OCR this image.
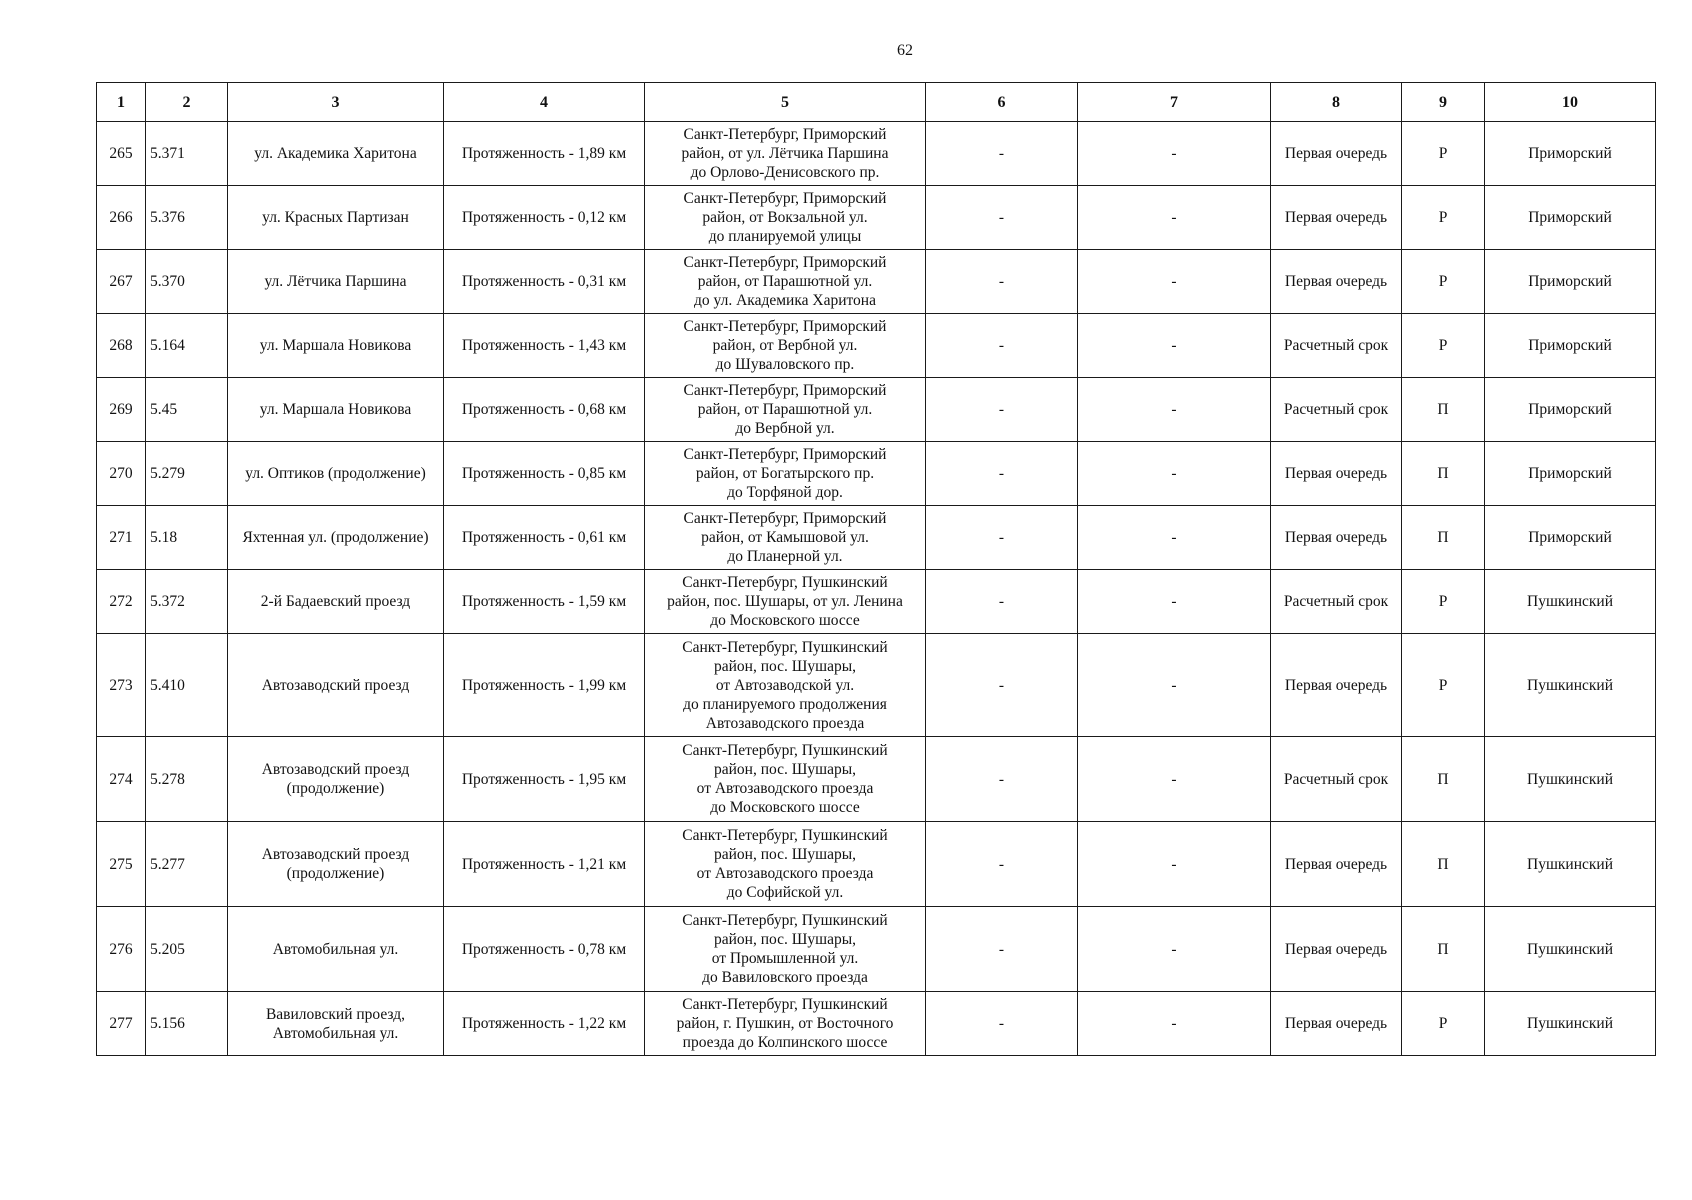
62
1	2	3	4	5	6	7	8	9	10
265	5.371	ул. Академика Харитона	Протяженность - 1,89 км	Санкт-Петербург, Приморский
район, от ул. Лётчика Паршина
до Орлово-Денисовского пр.	-	-	Первая очередь	Р	Приморский
266	5.376	ул. Красных Партизан	Протяженность - 0,12 км	Санкт-Петербург, Приморский
район, от Вокзальной ул.
до планируемой улицы	-	-	Первая очередь	Р	Приморский
267	5.370	ул. Лётчика Паршина	Протяженность - 0,31 км	Санкт-Петербург, Приморский
район, от Парашютной ул.
до ул. Академика Харитона	-	-	Первая очередь	Р	Приморский
268	5.164	ул. Маршала Новикова	Протяженность - 1,43 км	Санкт-Петербург, Приморский
район, от Вербной ул.
до Шуваловского пр.	-	-	Расчетный срок	Р	Приморский
269	5.45	ул. Маршала Новикова	Протяженность - 0,68 км	Санкт-Петербург, Приморский
район, от Парашютной ул.
до Вербной ул.	-	-	Расчетный срок	П	Приморский
270	5.279	ул. Оптиков (продолжение)	Протяженность - 0,85 км	Санкт-Петербург, Приморский
район, от Богатырского пр.
до Торфяной дор.	-	-	Первая очередь	П	Приморский
271	5.18	Яхтенная ул. (продолжение)	Протяженность - 0,61 км	Санкт-Петербург, Приморский
район, от Камышовой ул.
до Планерной ул.	-	-	Первая очередь	П	Приморский
272	5.372	2-й Бадаевский проезд	Протяженность - 1,59 км	Санкт-Петербург, Пушкинский
район, пос. Шушары, от ул. Ленина
до Московского шоссе	-	-	Расчетный срок	Р	Пушкинский
273	5.410	Автозаводский проезд	Протяженность - 1,99 км	Санкт-Петербург, Пушкинский
район, пос. Шушары,
от Автозаводской ул.
до планируемого продолжения
Автозаводского проезда	-	-	Первая очередь	Р	Пушкинский
274	5.278	Автозаводский проезд (продолжение)	Протяженность - 1,95 км	Санкт-Петербург, Пушкинский
район, пос. Шушары,
от Автозаводского проезда
до Московского шоссе	-	-	Расчетный срок	П	Пушкинский
275	5.277	Автозаводский проезд (продолжение)	Протяженность - 1,21 км	Санкт-Петербург, Пушкинский
район, пос. Шушары,
от Автозаводского проезда
до Софийской ул.	-	-	Первая очередь	П	Пушкинский
276	5.205	Автомобильная ул.	Протяженность - 0,78 км	Санкт-Петербург, Пушкинский
район, пос. Шушары,
от Промышленной ул.
до Вавиловского проезда	-	-	Первая очередь	П	Пушкинский
277	5.156	Вавиловский проезд, Автомобильная ул.	Протяженность - 1,22 км	Санкт-Петербург, Пушкинский
район, г. Пушкин, от Восточного
проезда до Колпинского шоссе	-	-	Первая очередь	Р	Пушкинский
